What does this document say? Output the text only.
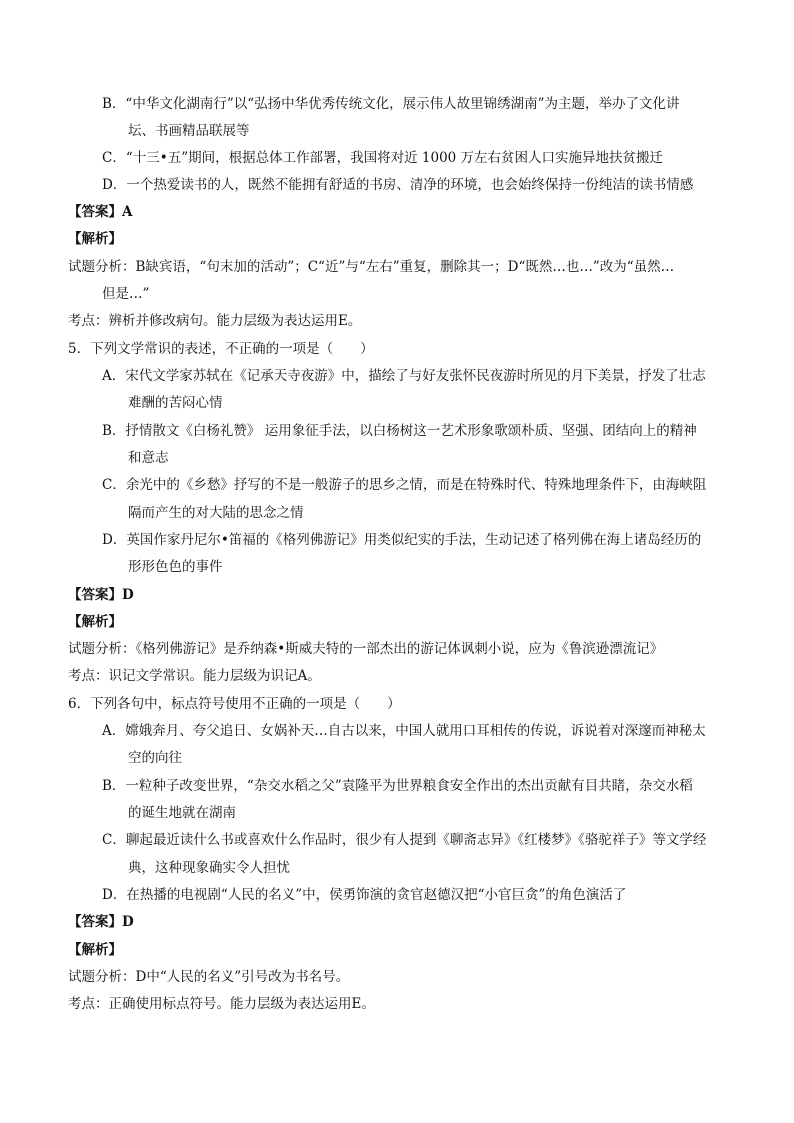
B．“中华文化湖南行”以“弘扬中华优秀传统文化，展示伟人故里锦绣湖南”为主题，举办了文化讲
坛、书画精品联展等
C．“十三•五”期间，根据总体工作部署，我国将对近 1000 万左右贫困人口实施异地扶贫搬迁
D．一个热爱读书的人，既然不能拥有舒适的书房、清净的环境，也会始终保持一份纯洁的读书情感
【答案】A
【解析】
试题分析：B缺宾语，“句末加的活动”；C“近”与“左右”重复，删除其一；D“既然…也…”改为“虽然…
但是…”
考点：辨析并修改病句。能力层级为表达运用E。
5．下列文学常识的表述，不正确的一项是（　　）
A．宋代文学家苏轼在《记承天寺夜游》中，描绘了与好友张怀民夜游时所见的月下美景，抒发了壮志
难酬的苦闷心情
B．抒情散文《白杨礼赞》 运用象征手法，以白杨树这一艺术形象歌颂朴质、坚强、团结向上的精神
和意志
C．余光中的《乡愁》抒写的不是一般游子的思乡之情，而是在特殊时代、特殊地理条件下，由海峡阻
隔而产生的对大陆的思念之情
D．英国作家丹尼尔•笛福的《格列佛游记》用类似纪实的手法，生动记述了格列佛在海上诸岛经历的
形形色色的事件
【答案】D
【解析】
试题分析：《格列佛游记》是乔纳森•斯威夫特的一部杰出的游记体讽刺小说，应为《鲁滨逊漂流记》
考点：识记文学常识。能力层级为识记A。
6．下列各句中，标点符号使用不正确的一项是（　　）
A．嫦娥奔月、夸父追日、女娲补天…自古以来，中国人就用口耳相传的传说，诉说着对深邃而神秘太
空的向往
B．一粒种子改变世界，“杂交水稻之父”袁隆平为世界粮食安全作出的杰出贡献有目共睹，杂交水稻
的诞生地就在湖南
C．聊起最近读什么书或喜欢什么作品时，很少有人提到《聊斋志异》《红楼梦》《骆驼祥子》等文学经
典，这种现象确实令人担忧
D．在热播的电视剧“人民的名义”中，侯勇饰演的贪官赵德汉把“小官巨贪”的角色演活了
【答案】D
【解析】
试题分析：D中“人民的名义”引号改为书名号。
考点：正确使用标点符号。能力层级为表达运用E。
